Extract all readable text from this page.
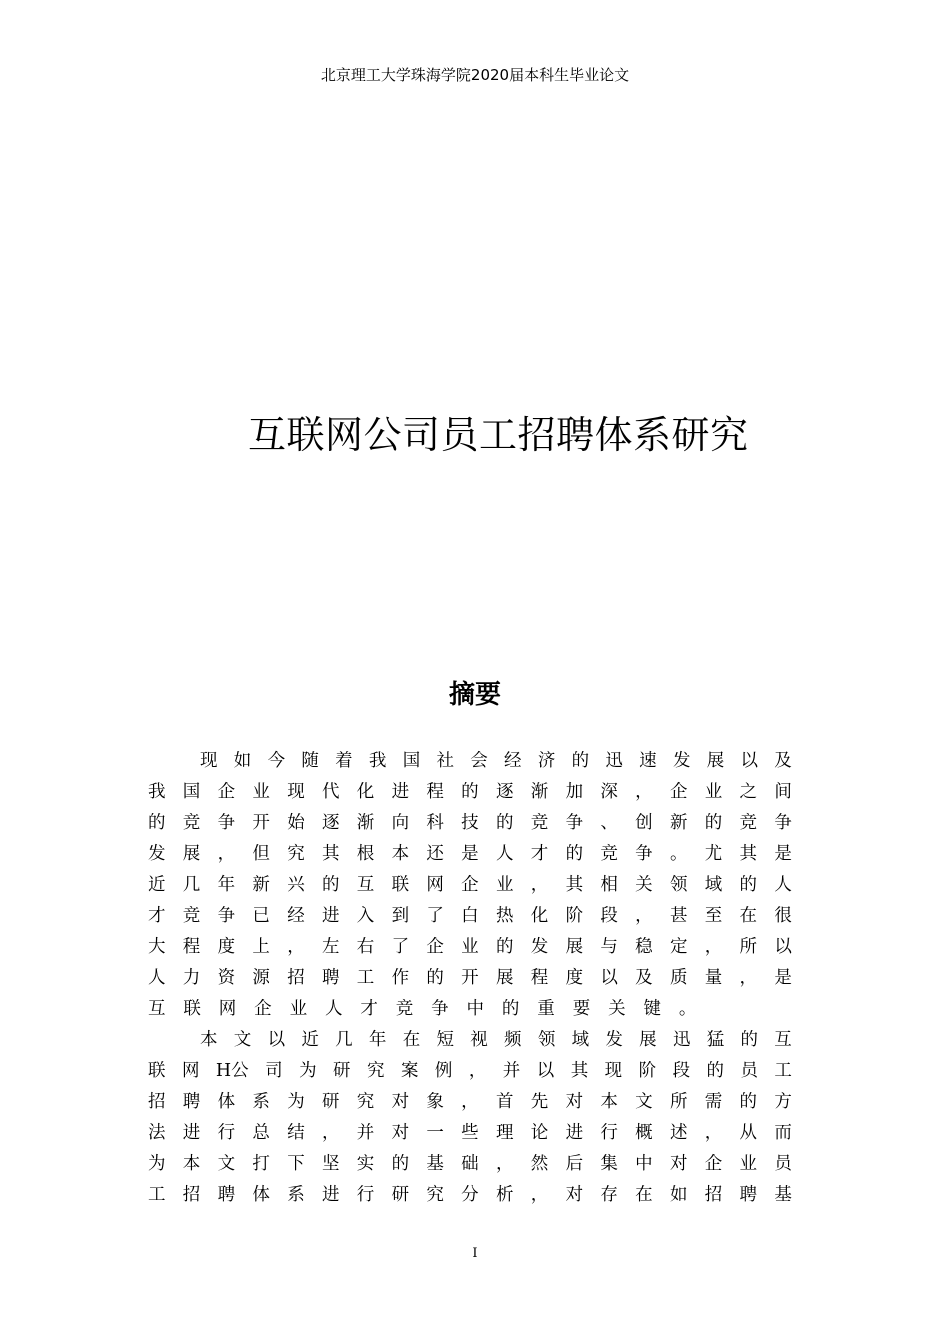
北京理工大学珠海学院2020届本科生毕业论文
互联网公司员工招聘体系研究
摘要
现 如 今 随 着 我 国 社 会 经 济 的 迅 速 发 展 以 及
我 国 企 业 现 代 化 进 程 的 逐 渐 加 深 ， 企 业 之 间
的 竞 争 开 始 逐 渐 向 科 技 的 竞 争 、 创 新 的 竞 争
发 展 ， 但 究 其 根 本 还 是 人 才 的 竞 争 。 尤 其 是
近 几 年 新 兴 的 互 联 网 企 业 ， 其 相 关 领 域 的 人
才 竞 争 已 经 进 入 到 了 白 热 化 阶 段 ， 甚 至 在 很
大 程 度 上 ， 左 右 了 企 业 的 发 展 与 稳 定 ， 所 以
人 力 资 源 招 聘 工 作 的 开 展 程 度 以 及 质 量 ， 是
互 联 网 企 业 人 才 竞 争 中 的 重 要 关 键 。
本 文 以 近 几 年 在 短 视 频 领 域 发 展 迅 猛 的 互
联 网 H公 司 为 研 究 案 例 ， 并 以 其 现 阶 段 的 员 工
招 聘 体 系 为 研 究 对 象 ， 首 先 对 本 文 所 需 的 方
法 进 行 总 结 ， 并 对 一 些 理 论 进 行 概 述 ， 从 而
为 本 文 打 下 坚 实 的 基 础 ， 然 后 集 中 对 企 业 员
工 招 聘 体 系 进 行 研 究 分 析 ， 对 存 在 如 招 聘 基
I
